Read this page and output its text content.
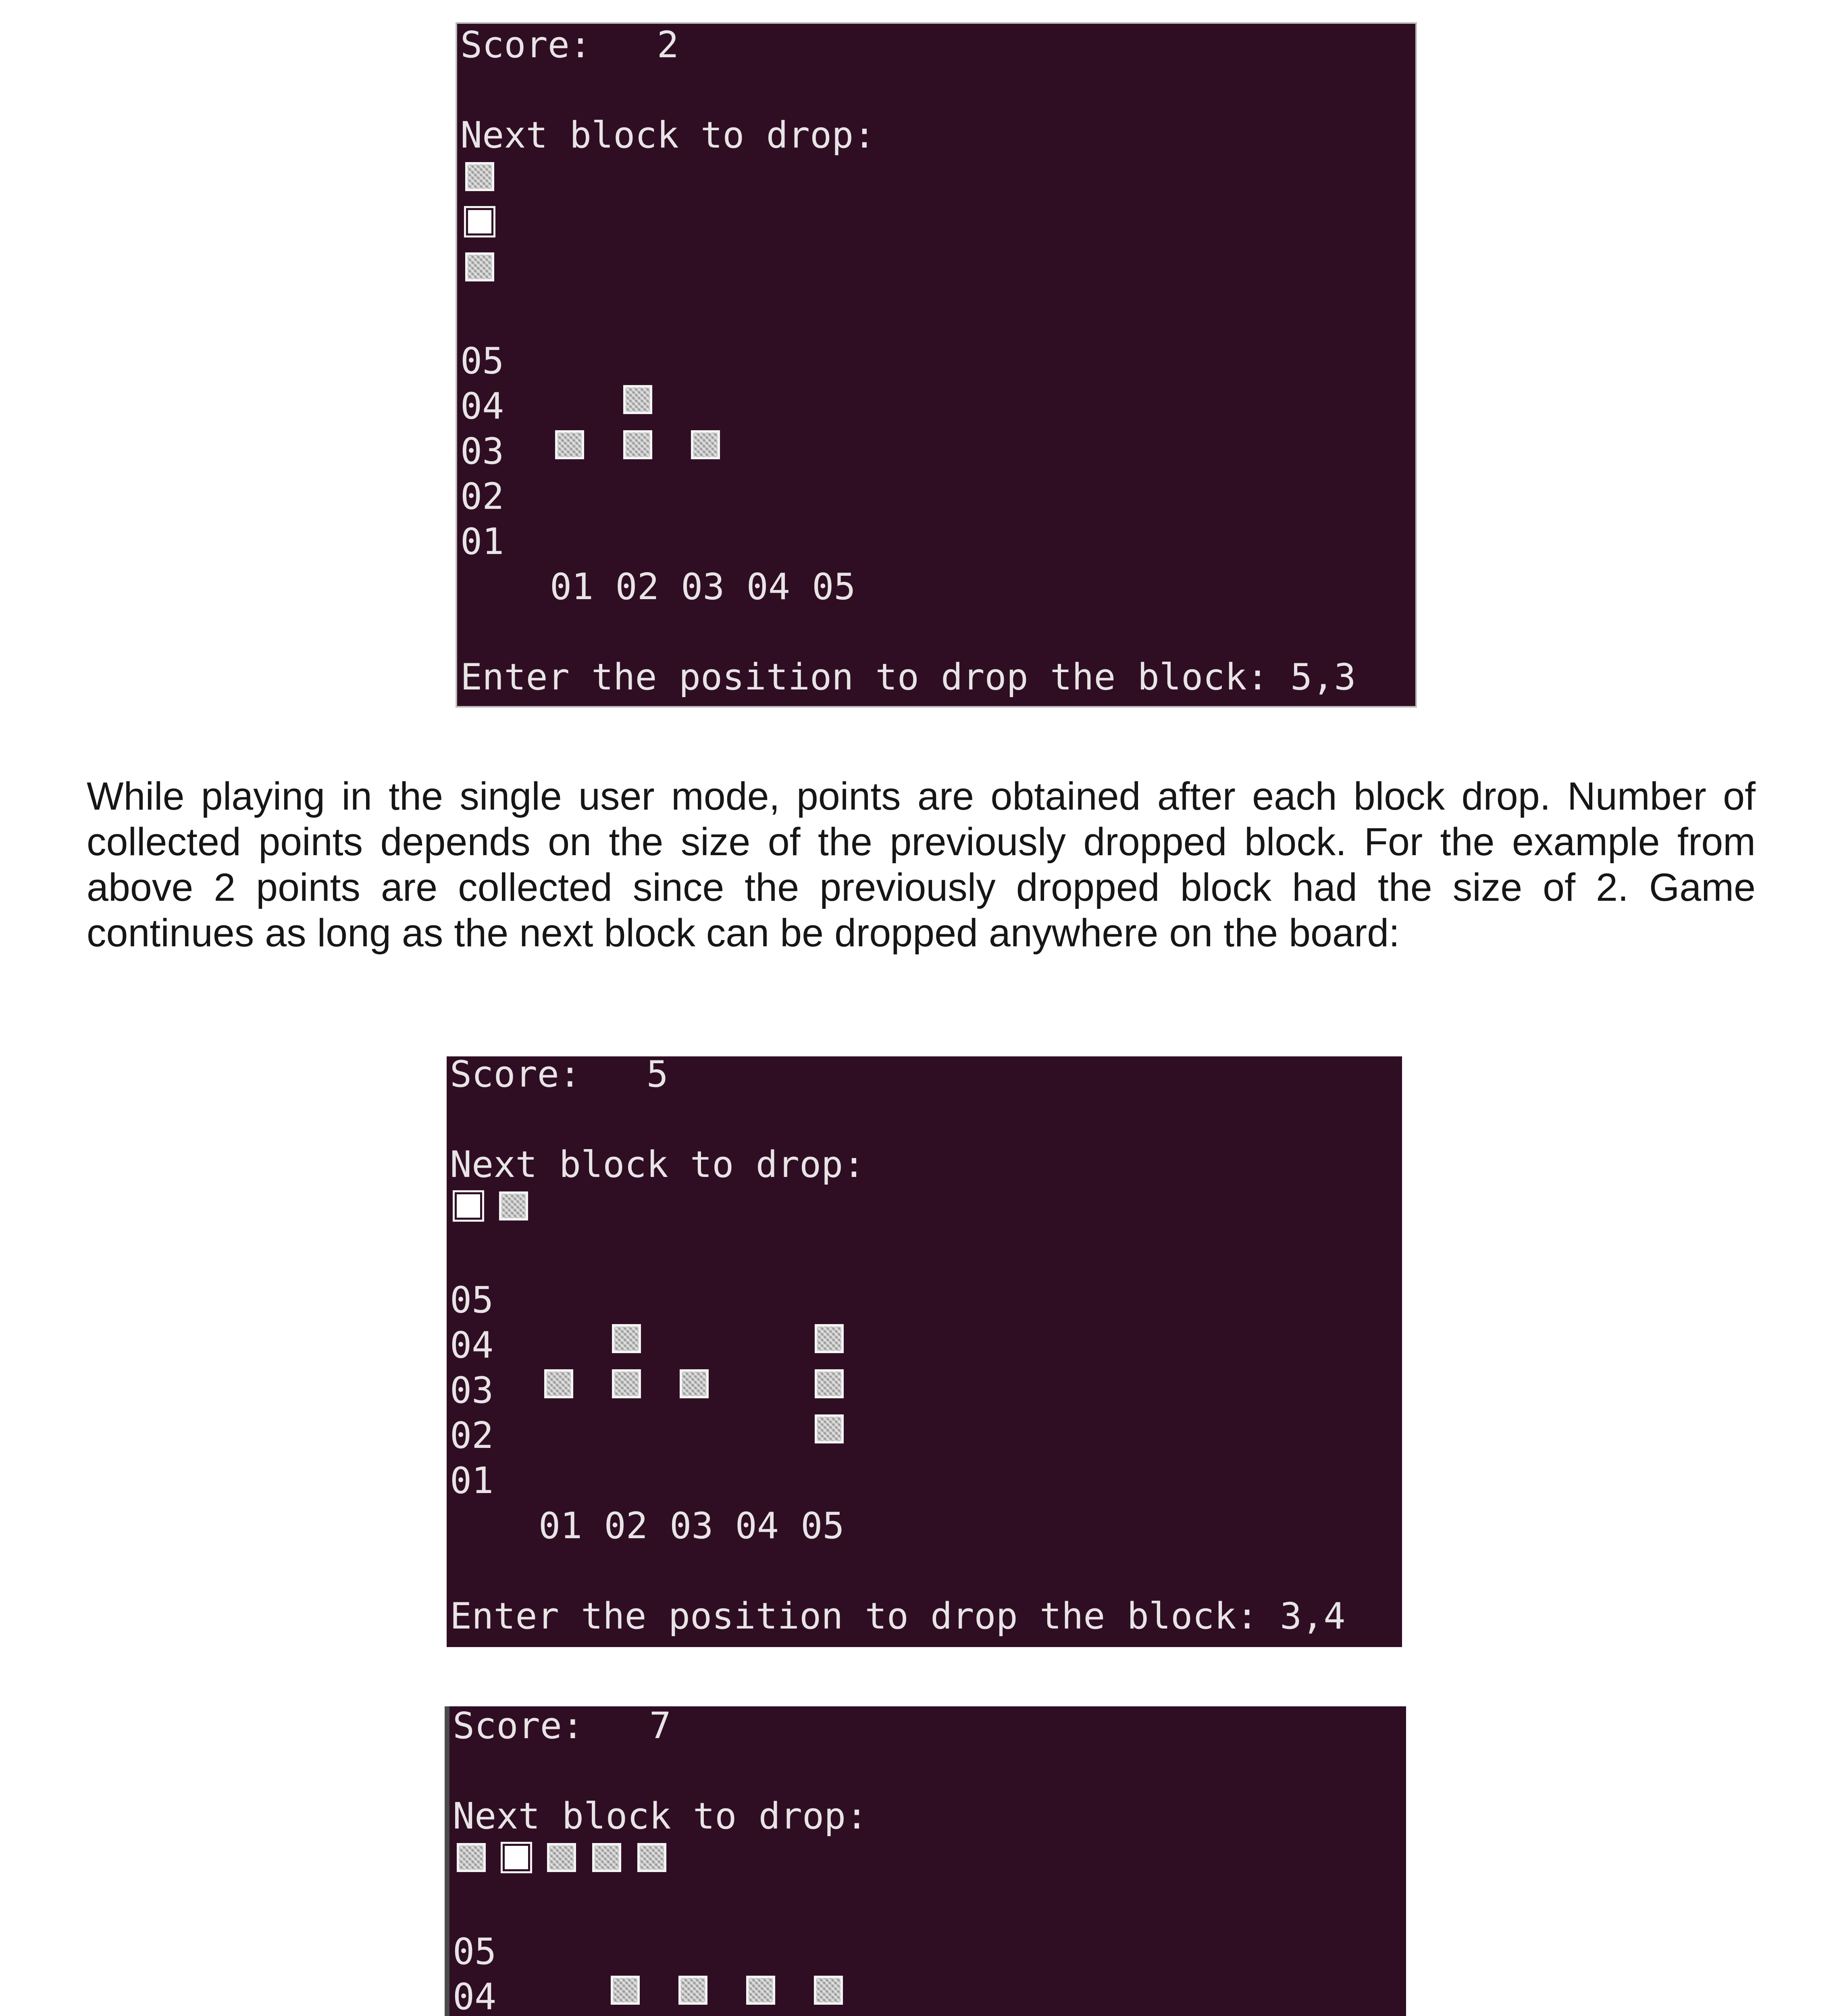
Score: 2
Next block to drop:
05
04
03
02
01
01 02 03 04 05
Enter the position to drop the block: 5,3
While playing in the single user mode, points are obtained after each block drop. Number of collected points depends on the size of the previously dropped block. For the example from above 2 points are collected since the previously dropped block had the size of 2. Game continues as long as the next block can be dropped anywhere on the board:
Score: 5
Next block to drop:
05
04
03
02
01
01 02 03 04 05
Enter the position to drop the block: 3,4
Score: 7
Next block to drop:
05
04
